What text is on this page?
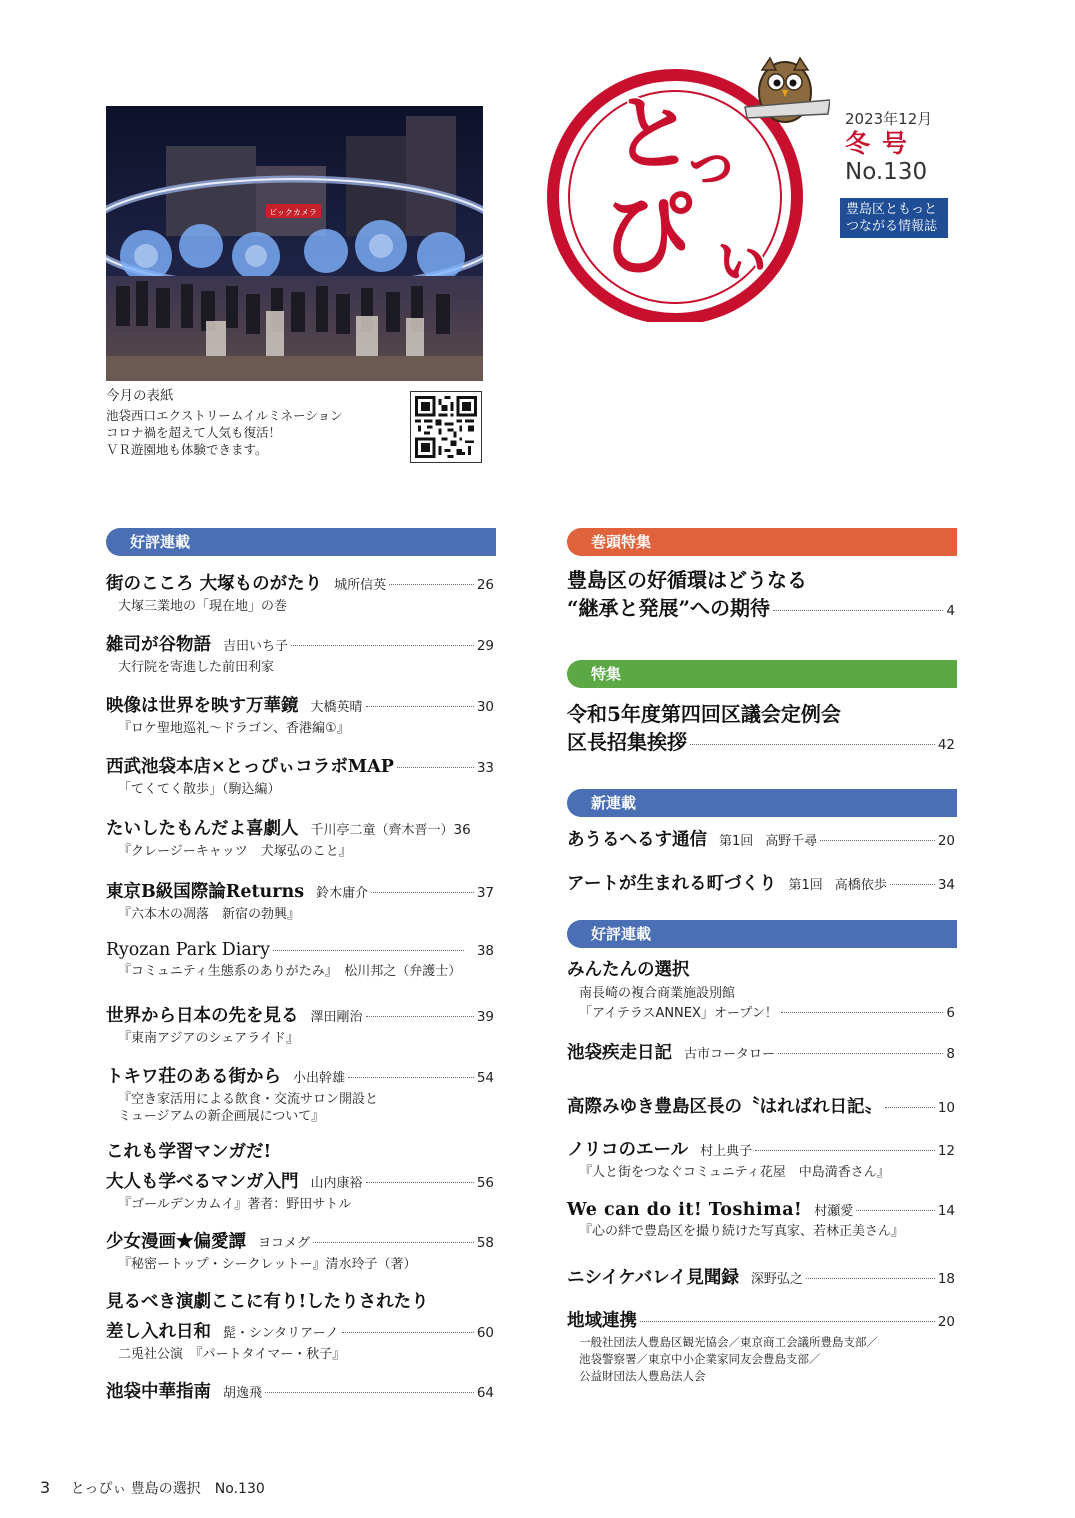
ビックカメラ
今月の表紙
池袋西口エクストリームイルミネーション
コロナ禍を超えて人気も復活！
ＶＲ遊園地も体験できます。
と
っ
ぴ ぃ
2023年12月
冬号
No.130
豊島区ともっと
つながる情報誌
好評連載
街のこころ 大塚ものがたり 城所信英	26
大塚三業地の「現在地」の巻
雑司が谷物語 吉田いち子	29
大行院を寄進した前田利家
映像は世界を映す万華鏡 大橋英晴	30
『ロケ聖地巡礼〜ドラゴン、香港編①』
西武池袋本店×とっぴぃコラボMAP	33
「てくてく散歩」（駒込編）
たいしたもんだよ喜劇人 千川亭二童（齊木晋一） 36
『クレージーキャッツ　犬塚弘のこと』
東京B級国際論Returns 鈴木庸介	37
『六本木の凋落　新宿の勃興』
Ryozan Park Diary	38
『コミュニティ生態系のありがたみ』　松川邦之（弁護士）
世界から日本の先を見る 澤田剛治	39
『東南アジアのシェアライド』
トキワ荘のある街から 小出幹雄	54
『空き家活用による飲食・交流サロン開設と
ミュージアムの新企画展について』
これも学習マンガだ!
大人も学べるマンガ入門 山内康裕	56
『ゴールデンカムイ』著者：野田サトル
少女漫画★偏愛譚 ヨコメグ	58
『秘密ートップ・シークレットー』清水玲子（著）
見るべき演劇ここに有り!したりされたり
差し入れ日和 髭・シンタリアーノ	60
二兎社公演　『パートタイマー・秋子』
池袋中華指南 胡逸飛	64
巻頭特集
豊島区の好循環はどうなる
“継承と発展”への期待	4
特集
令和5年度第四回区議会定例会
区長招集挨拶	42
新連載
あうるへるす通信 第1回 高野千尋	20
アートが生まれる町づくり 第1回 高橋依歩	34
好評連載
みんたんの選択
南長崎の複合商業施設別館
「アイテラスANNEX」オープン！	6
池袋疾走日記 古市コータロー	8
高際みゆき豊島区長の〝はればれ日記〟	10
ノリコのエール 村上典子	12
『人と街をつなぐコミュニティ花屋　中島満香さん』
We can do it! Toshima! 村瀬愛	14
『心の絆で豊島区を撮り続けた写真家、若林正美さん』
ニシイケバレイ見聞録 深野弘之	18
地域連携	20
一般社団法人豊島区観光協会／東京商工会議所豊島支部／
池袋警察署／東京中小企業家同友会豊島支部／
公益財団法人豊島法人会
3 とっぴぃ 豊島の選択　No.130
